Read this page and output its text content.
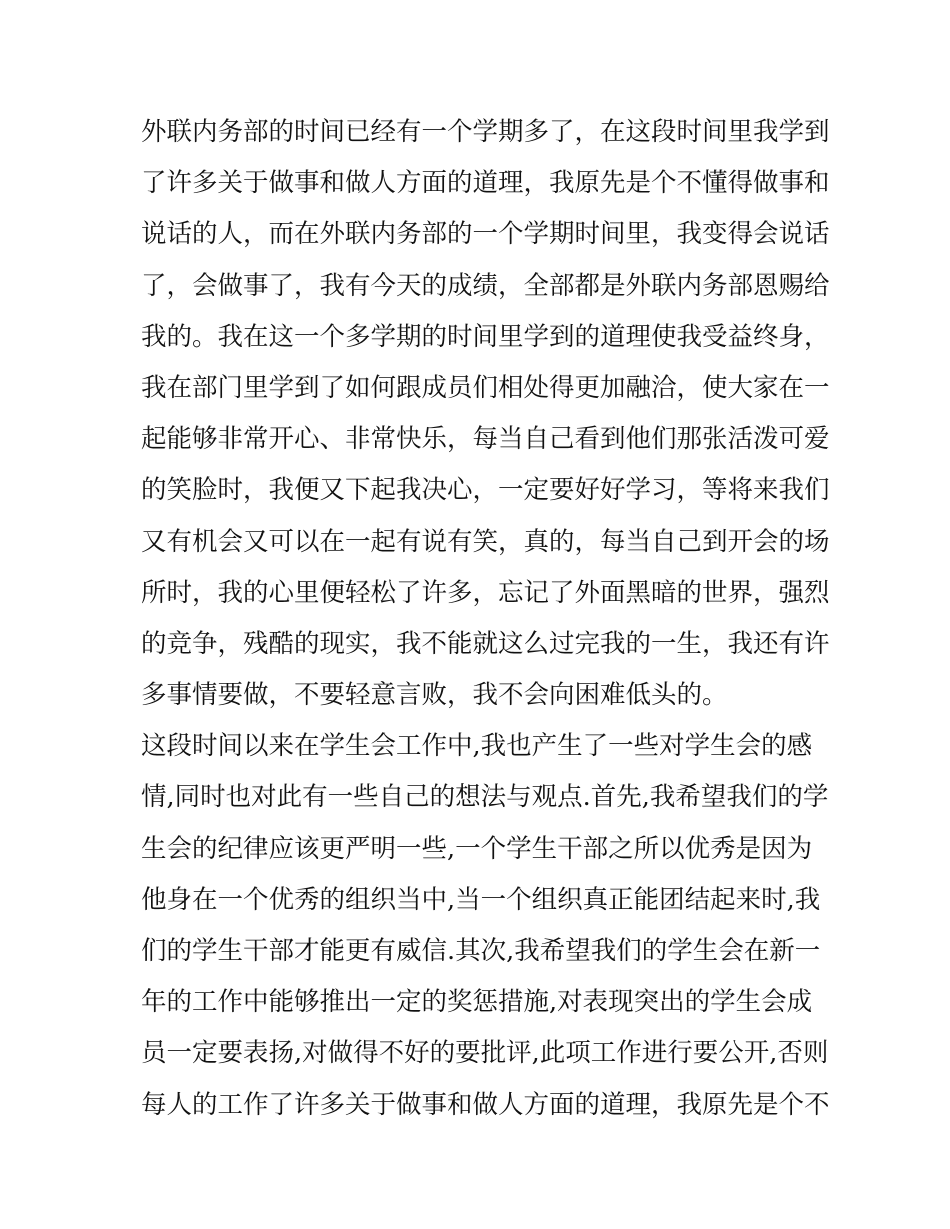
外联内务部的时间已经有一个学期多了，在这段时间里我学到
了许多关于做事和做人方面的道理，我原先是个不懂得做事和
说话的人，而在外联内务部的一个学期时间里，我变得会说话
了，会做事了，我有今天的成绩，全部都是外联内务部恩赐给
我的。我在这一个多学期的时间里学到的道理使我受益终身，
我在部门里学到了如何跟成员们相处得更加融洽，使大家在一
起能够非常开心、非常快乐，每当自己看到他们那张活泼可爱
的笑脸时，我便又下起我决心，一定要好好学习，等将来我们
又有机会又可以在一起有说有笑，真的，每当自己到开会的场
所时，我的心里便轻松了许多，忘记了外面黑暗的世界，强烈
的竞争，残酷的现实，我不能就这么过完我的一生，我还有许
多事情要做，不要轻意言败，我不会向困难低头的。
这段时间以来在学生会工作中,我也产生了一些对学生会的感
情,同时也对此有一些自己的想法与观点.首先,我希望我们的学
生会的纪律应该更严明一些,一个学生干部之所以优秀是因为
他身在一个优秀的组织当中,当一个组织真正能团结起来时,我
们的学生干部才能更有威信.其次,我希望我们的学生会在新一
年的工作中能够推出一定的奖惩措施,对表现突出的学生会成
员一定要表扬,对做得不好的要批评,此项工作进行要公开,否则
每人的工作了许多关于做事和做人方面的道理，我原先是个不
